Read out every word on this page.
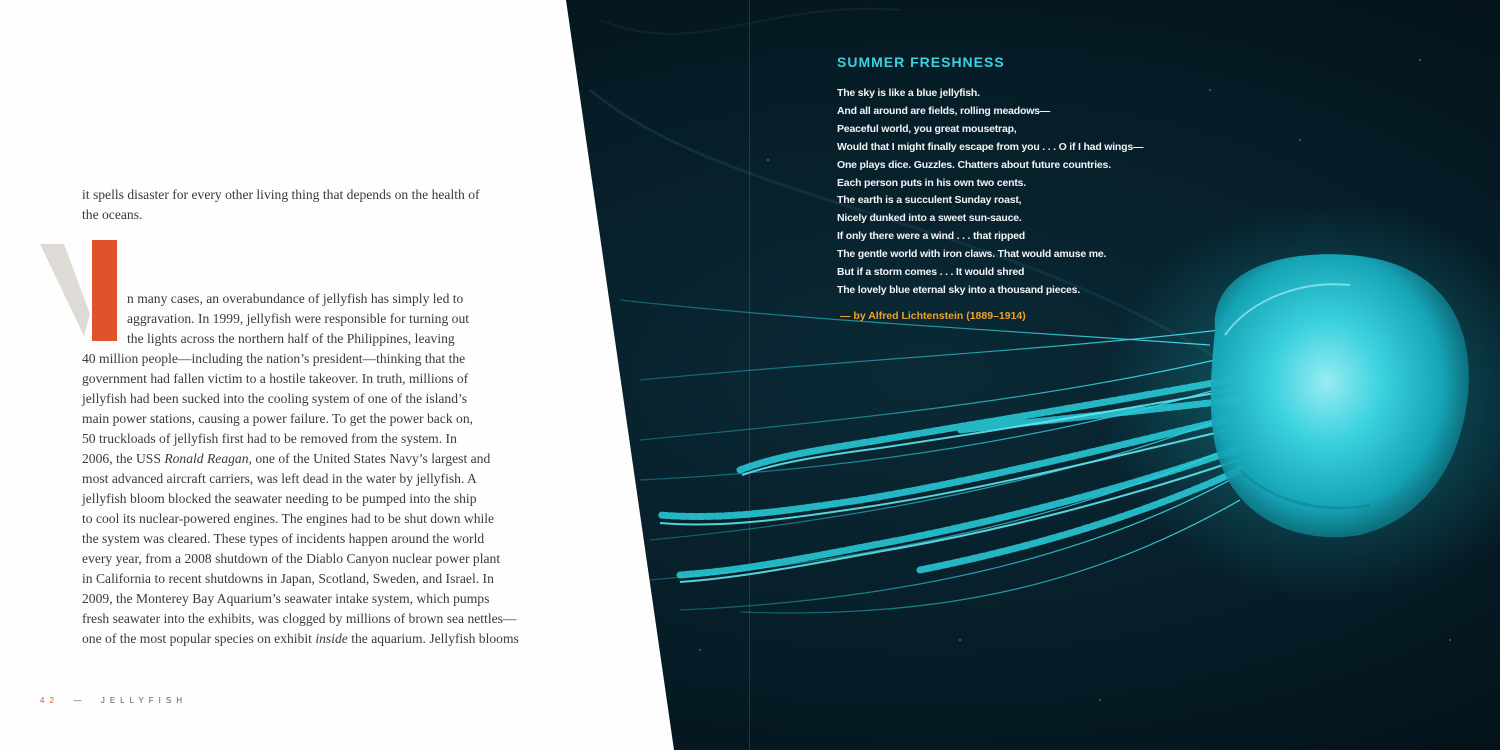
it spells disaster for every other living thing that depends on the health of the oceans.

n many cases, an overabundance of jellyfish has simply led to
aggravation. In 1999, jellyfish were responsible for turning out
the lights across the northern half of the Philippines, leaving
40 million people—including the nation’s president—thinking that the
government had fallen victim to a hostile takeover. In truth, millions of
jellyfish had been sucked into the cooling system of one of the island’s
main power stations, causing a power failure. To get the power back on,
50 truckloads of jellyfish first had to be removed from the system. In
2006, the USS Ronald Reagan, one of the United States Navy’s largest and
most advanced aircraft carriers, was left dead in the water by jellyfish. A
jellyfish bloom blocked the seawater needing to be pumped into the ship
to cool its nuclear-powered engines. The engines had to be shut down while
the system was cleared. These types of incidents happen around the world
every year, from a 2008 shutdown of the Diablo Canyon nuclear power plant
in California to recent shutdowns in Japan, Scotland, Sweden, and Israel. In
2009, the Monterey Bay Aquarium’s seawater intake system, which pumps
fresh seawater into the exhibits, was clogged by millions of brown sea nettles—
one of the most popular species on exhibit inside the aquarium. Jellyfish blooms
42 — JELLYFISH
SUMMER FRESHNESS
The sky is like a blue jellyfish.
And all around are fields, rolling meadows—
Peaceful world, you great mousetrap,
Would that I might finally escape from you . . . O if I had wings—
One plays dice. Guzzles. Chatters about future countries.
Each person puts in his own two cents.
The earth is a succulent Sunday roast,
Nicely dunked into a sweet sun-sauce.
If only there were a wind . . . that ripped
The gentle world with iron claws. That would amuse me.
But if a storm comes . . . It would shred
The lovely blue eternal sky into a thousand pieces.
— by Alfred Lichtenstein (1889–1914)
